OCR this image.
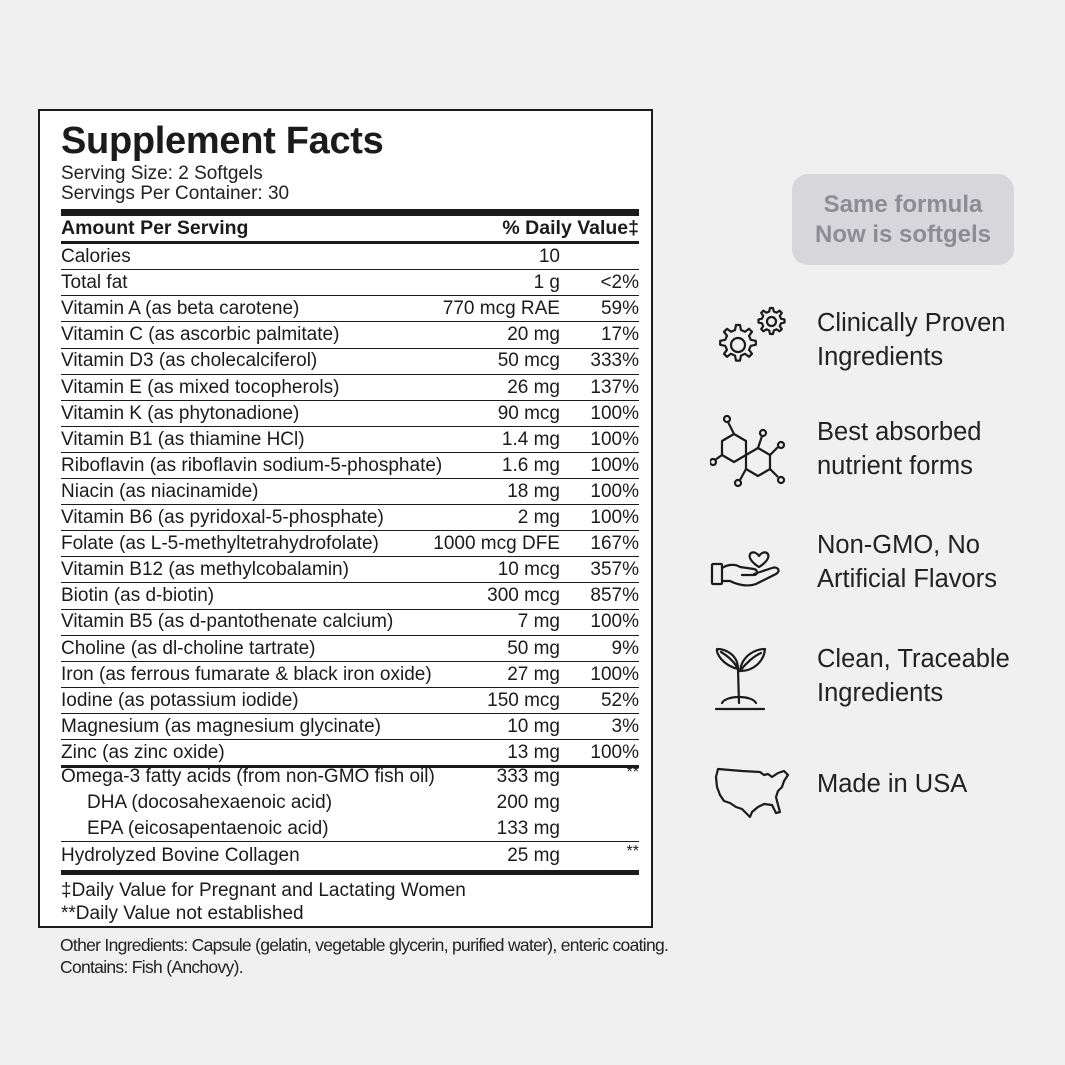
Supplement Facts
Serving Size: 2 Softgels
Servings Per Container: 30
Amount Per Serving	% Daily Value‡
Calories	10
Total fat	1 g <2%
Vitamin A (as beta carotene)	770 mcg RAE 59%
Vitamin C (as ascorbic palmitate)	20 mg 17%
Vitamin D3 (as cholecalciferol)	50 mcg 333%
Vitamin E (as mixed tocopherols)	26 mg 137%
Vitamin K (as phytonadione)	90 mcg 100%
Vitamin B1 (as thiamine HCl)	1.4 mg 100%
Riboflavin (as riboflavin sodium-5-phosphate)	1.6 mg 100%
Niacin (as niacinamide)	18 mg 100%
Vitamin B6 (as pyridoxal-5-phosphate)	2 mg 100%
Folate (as L-5-methyltetrahydrofolate)	1000 mcg DFE 167%
Vitamin B12 (as methylcobalamin)	10 mcg 357%
Biotin (as d-biotin)	300 mcg 857%
Vitamin B5 (as d-pantothenate calcium)	7 mg 100%
Choline (as dl-choline tartrate)	50 mg	9%
Iron (as ferrous fumarate & black iron oxide)	27 mg 100%
Iodine (as potassium iodide)	150 mcg 52%
Magnesium (as magnesium glycinate)	10 mg	3%
Zinc (as zinc oxide)	13 mg 100%
Omega-3 fatty acids (from non-GMO fish oil)	333 mg	**
DHA (docosahexaenoic acid)	200 mg
EPA (eicosapentaenoic acid)	133 mg
Hydrolyzed Bovine Collagen	25 mg	**
‡Daily Value for Pregnant and Lactating Women
**Daily Value not established
Other Ingredients: Capsule (gelatin, vegetable glycerin, purified water), enteric coating. Contains: Fish (Anchovy).
Same formula
Now is softgels
Clinically Proven
Ingredients
Best absorbed
nutrient forms
Non-GMO, No
Artificial Flavors
Clean, Traceable
Ingredients
Made in USA
